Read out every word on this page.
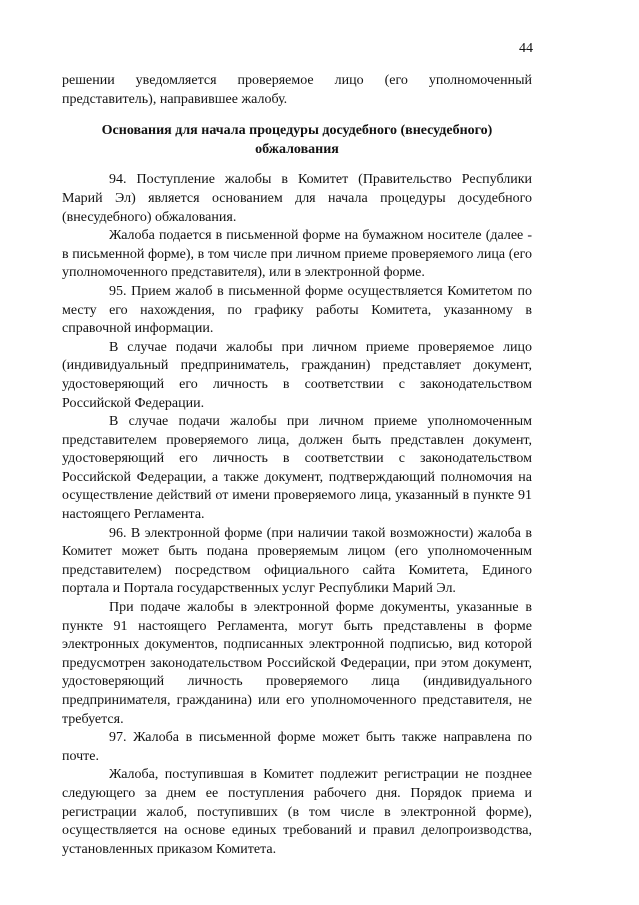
44

решении уведомляется проверяемое лицо (его уполномоченный представитель), направившее жалобу.

Основания для начала процедуры досудебного (внесудебного) обжалования

94. Поступление жалобы в Комитет (Правительство Республики Марий Эл) является основанием для начала процедуры досудебного (внесудебного) обжалования.

Жалоба подается в письменной форме на бумажном носителе (далее - в письменной форме), в том числе при личном приеме проверяемого лица (его уполномоченного представителя), или в электронной форме.

95. Прием жалоб в письменной форме осуществляется Комитетом по месту его нахождения, по графику работы Комитета, указанному в справочной информации.

В случае подачи жалобы при личном приеме проверяемое лицо (индивидуальный предприниматель, гражданин) представляет документ, удостоверяющий его личность в соответствии с законодательством Российской Федерации.

В случае подачи жалобы при личном приеме уполномоченным представителем проверяемого лица, должен быть представлен документ, удостоверяющий его личность в соответствии с законодательством Российской Федерации, а также документ, подтверждающий полномочия на осуществление действий от имени проверяемого лица, указанный в пункте 91 настоящего Регламента.

96. В электронной форме (при наличии такой возможности) жалоба в Комитет может быть подана проверяемым лицом (его уполномоченным представителем) посредством официального сайта Комитета, Единого портала и Портала государственных услуг Республики Марий Эл.

При подаче жалобы в электронной форме документы, указанные в пункте 91 настоящего Регламента, могут быть представлены в форме электронных документов, подписанных электронной подписью, вид которой предусмотрен законодательством Российской Федерации, при этом документ, удостоверяющий личность проверяемого лица (индивидуального предпринимателя, гражданина) или его уполномоченного представителя, не требуется.

97. Жалоба в письменной форме может быть также направлена по почте.

Жалоба, поступившая в Комитет подлежит регистрации не позднее следующего за днем ее поступления рабочего дня. Порядок приема и регистрации жалоб, поступивших (в том числе в электронной форме), осуществляется на основе единых требований и правил делопроизводства, установленных приказом Комитета.
